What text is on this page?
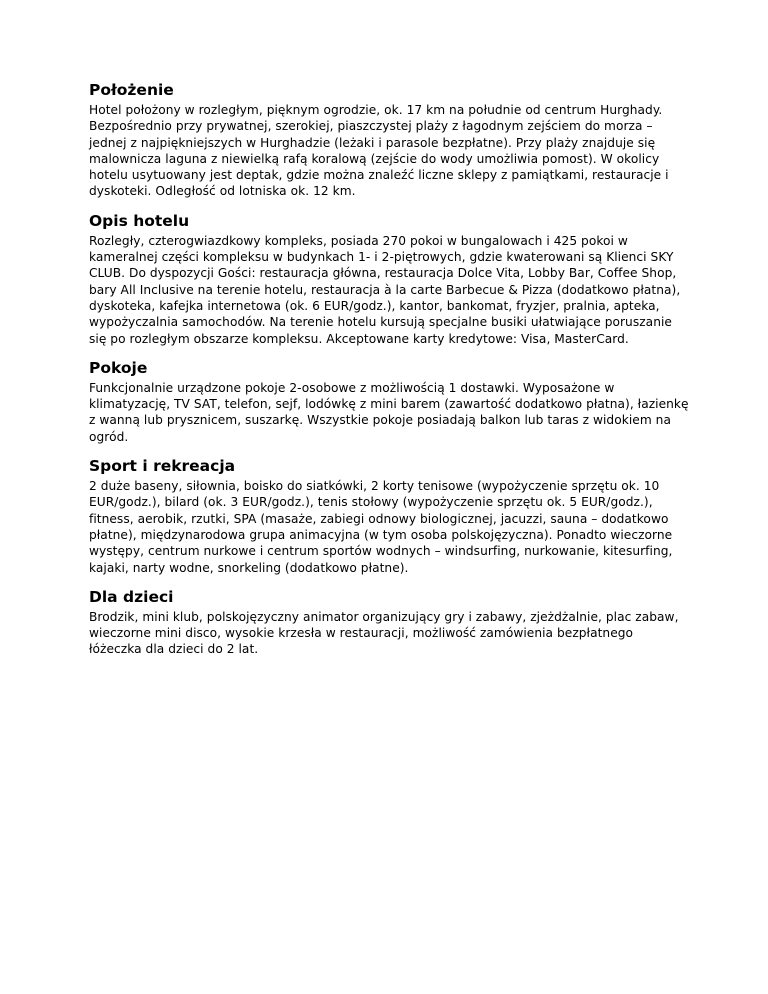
Położenie

Hotel położony w rozległym, pięknym ogrodzie, ok. 17 km na południe od centrum Hurghady. Bezpośrednio przy prywatnej, szerokiej, piaszczystej plaży z łagodnym zejściem do morza – jednej z najpiękniejszych w Hurghadzie (leżaki i parasole bezpłatne). Przy plaży znajduje się malownicza laguna z niewielką rafą koralową (zejście do wody umożliwia pomost). W okolicy hotelu usytuowany jest deptak, gdzie można znaleźć liczne sklepy z pamiątkami, restauracje i dyskoteki. Odległość od lotniska ok. 12 km.

Opis hotelu

Rozległy, czterogwiazdkowy kompleks, posiada 270 pokoi w bungalowach i 425 pokoi w kameralnej części kompleksu w budynkach 1- i 2-piętrowych, gdzie kwaterowani są Klienci SKY CLUB. Do dyspozycji Gości: restauracja główna, restauracja Dolce Vita, Lobby Bar, Coffee Shop, bary All Inclusive na terenie hotelu, restauracja à la carte Barbecue & Pizza (dodatkowo płatna), dyskoteka, kafejka internetowa (ok. 6 EUR/godz.), kantor, bankomat, fryzjer, pralnia, apteka, wypożyczalnia samochodów. Na terenie hotelu kursują specjalne busiki ułatwiające poruszanie się po rozległym obszarze kompleksu. Akceptowane karty kredytowe: Visa, MasterCard.

Pokoje

Funkcjonalnie urządzone pokoje 2-osobowe z możliwością 1 dostawki. Wyposażone w klimatyzację, TV SAT, telefon, sejf, lodówkę z mini barem (zawartość dodatkowo płatna), łazienkę z wanną lub prysznicem, suszarkę. Wszystkie pokoje posiadają balkon lub taras z widokiem na ogród.

Sport i rekreacja

2 duże baseny, siłownia, boisko do siatkówki, 2 korty tenisowe (wypożyczenie sprzętu ok. 10 EUR/godz.), bilard (ok. 3 EUR/godz.), tenis stołowy (wypożyczenie sprzętu ok. 5 EUR/godz.), fitness, aerobik, rzutki, SPA (masaże, zabiegi odnowy biologicznej, jacuzzi, sauna – dodatkowo płatne), międzynarodowa grupa animacyjna (w tym osoba polskojęzyczna). Ponadto wieczorne występy, centrum nurkowe i centrum sportów wodnych – windsurfing, nurkowanie, kitesurfing, kajaki, narty wodne, snorkeling (dodatkowo płatne).

Dla dzieci

Brodzik, mini klub, polskojęzyczny animator organizujący gry i zabawy, zjeżdżalnie, plac zabaw, wieczorne mini disco, wysokie krzesła w restauracji, możliwość zamówienia bezpłatnego łóżeczka dla dzieci do 2 lat.
